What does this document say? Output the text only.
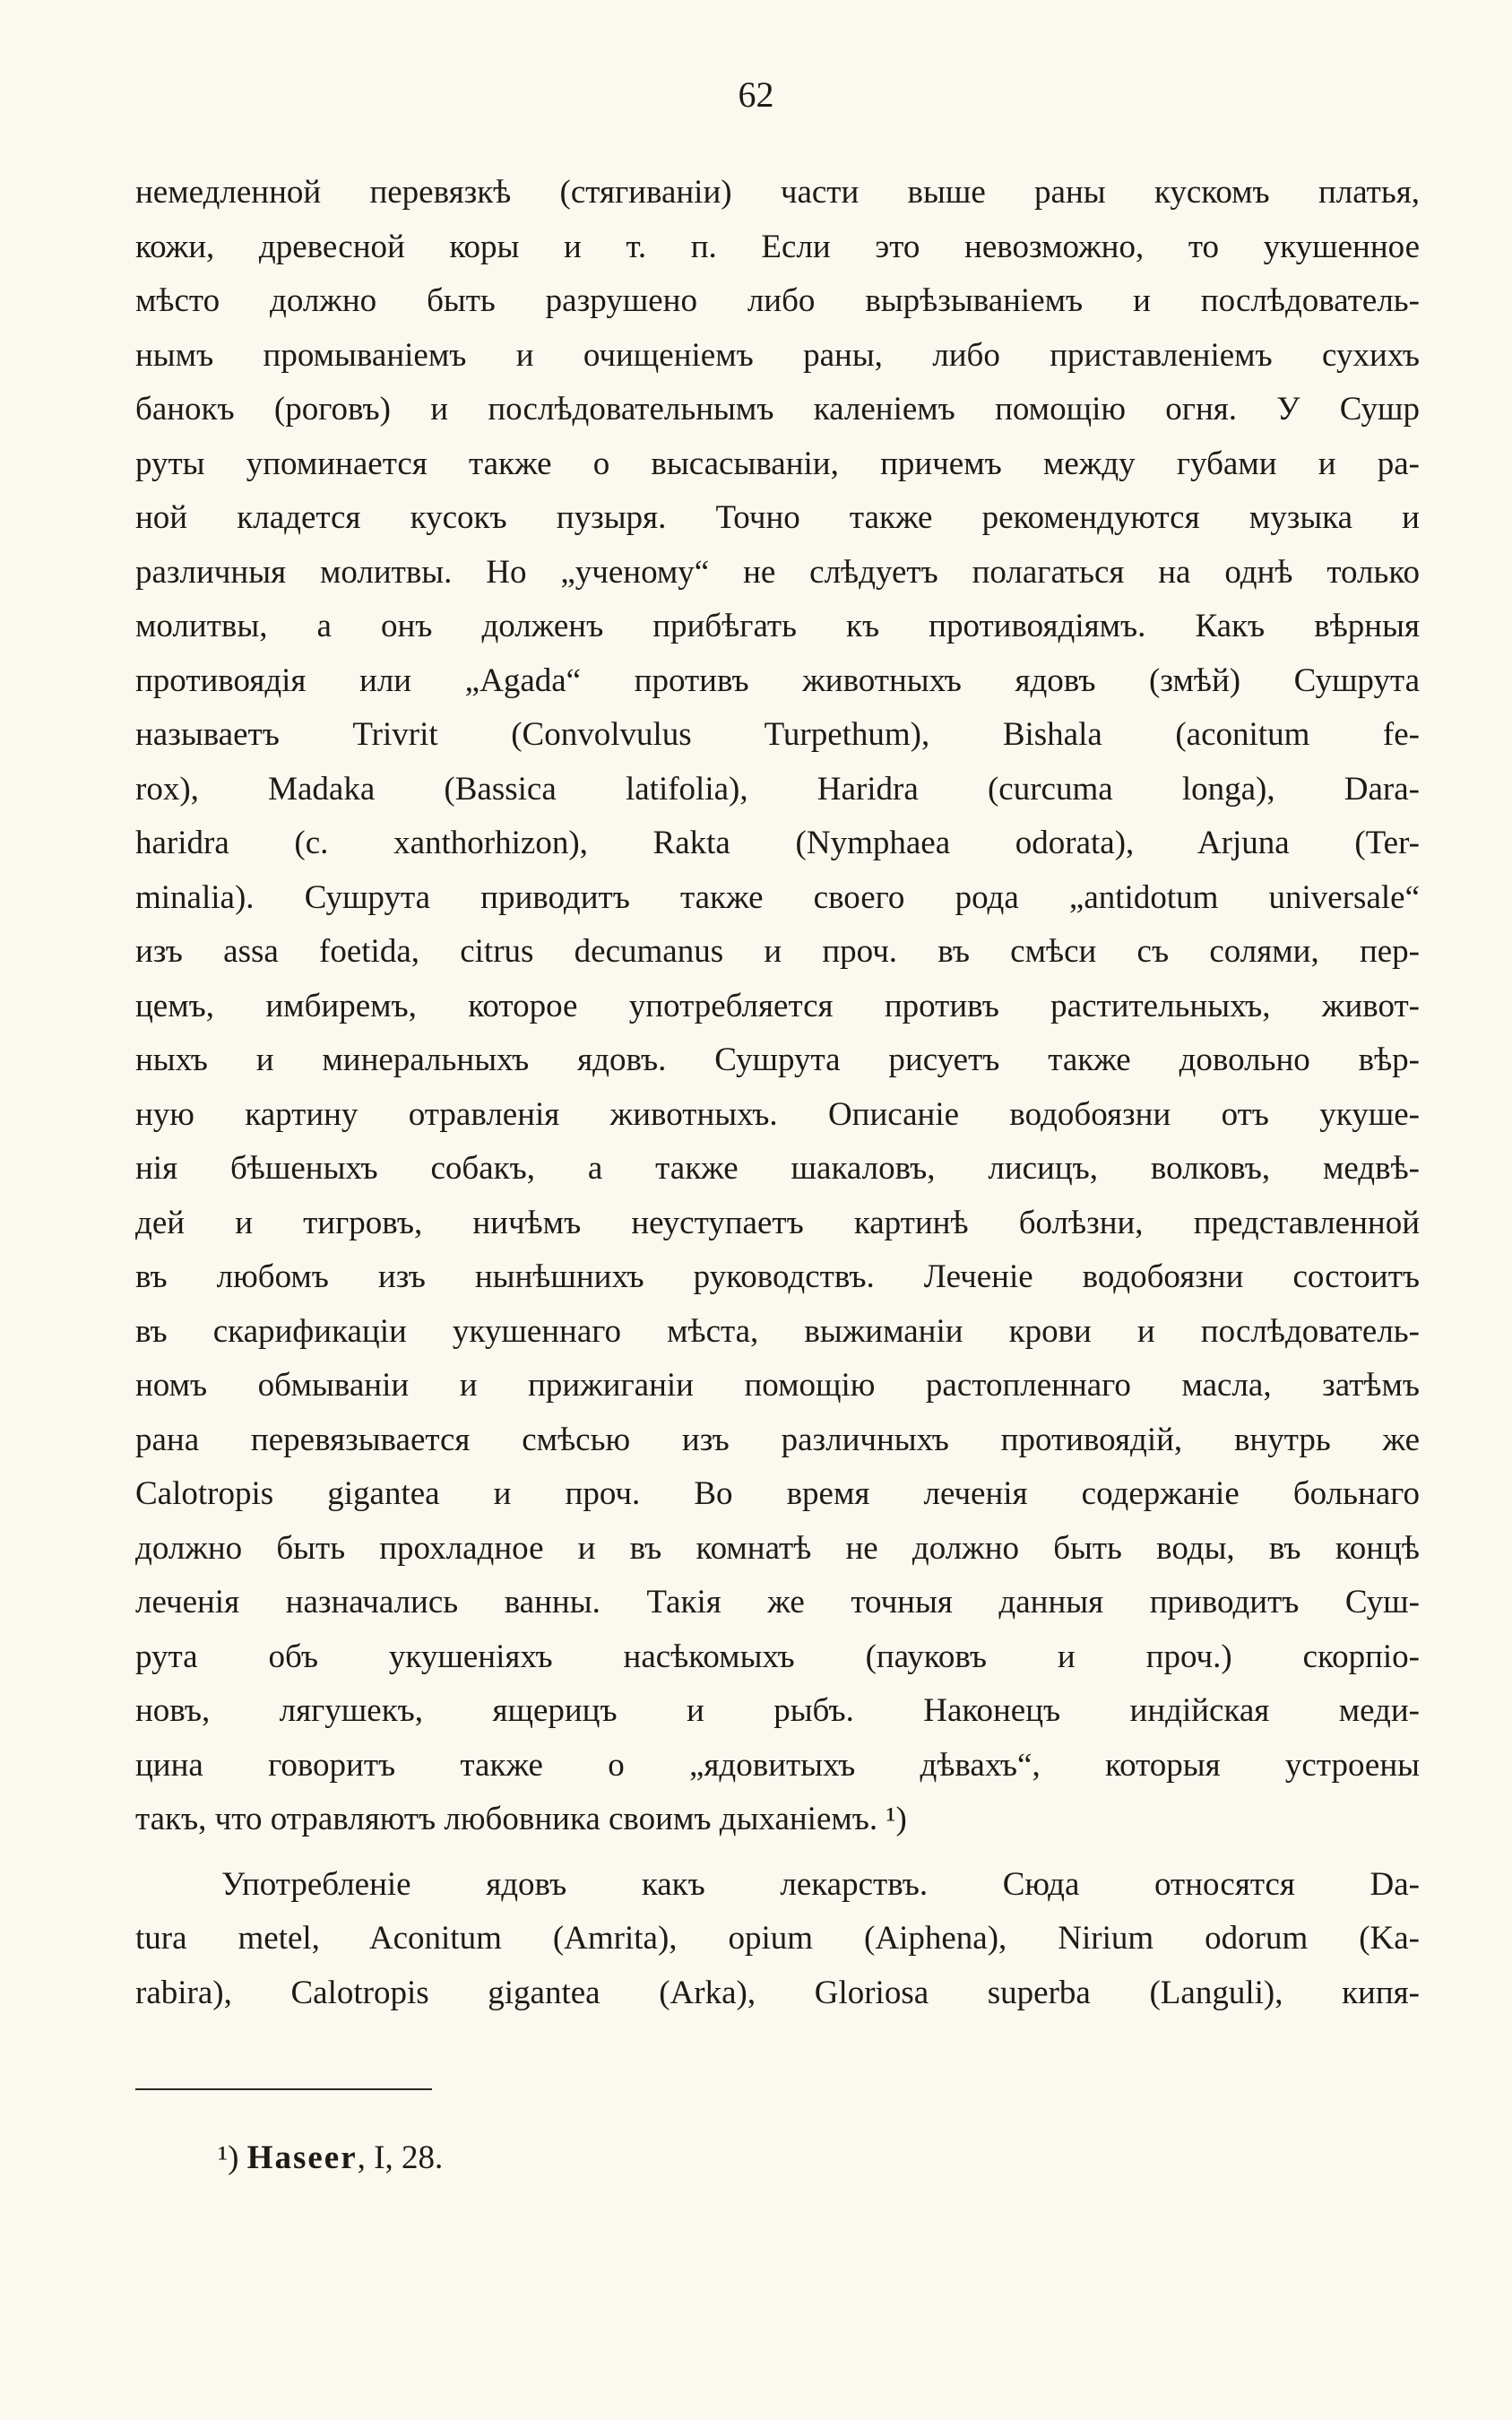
62
немедленной перевязкѣ (стягиваніи) части выше раны кускомъ платья,
кожи, древесной коры и т. п. Если это невозможно, то укушенное
мѣсто должно быть разрушено либо вырѣзываніемъ и послѣдователь-
нымъ промываніемъ и очищеніемъ раны, либо приставленіемъ сухихъ
банокъ (роговъ) и послѣдовательнымъ каленіемъ помощію огня. У Сушр
руты упоминается также о высасываніи, причемъ между губами и ра-
ной кладется кусокъ пузыря. Точно также рекомендуются музыка и
различныя молитвы. Но „ученому“ не слѣдуетъ полагаться на однѣ только
молитвы, а онъ долженъ прибѣгать къ противоядіямъ. Какъ вѣрныя
противоядія или „Agada“ противъ животныхъ ядовъ (змѣй) Сушрута
называетъ Trivrit (Convolvulus Turpethum), Bishala (aconitum fe-
rox), Madaka (Bassica latifolia), Haridra (curcuma longa), Dara-
haridra (c. xanthorhizon), Rakta (Nymphaea odorata), Arjuna (Ter-
minalia). Сушрута приводитъ также своего рода „antidotum universale“
изъ assa foetida, citrus decumanus и проч. въ смѣси съ солями, пер-
цемъ, имбиремъ, которое употребляется противъ растительныхъ, живот-
ныхъ и минеральныхъ ядовъ. Сушрута рисуетъ также довольно вѣр-
ную картину отравленія животныхъ. Описаніе водобоязни отъ укуше-
нія бѣшеныхъ собакъ, а также шакаловъ, лисицъ, волковъ, медвѣ-
дей и тигровъ, ничѣмъ неуступаетъ картинѣ болѣзни, представленной
въ любомъ изъ нынѣшнихъ руководствъ. Леченіе водобоязни состоитъ
въ скарификаціи укушеннаго мѣста, выжиманіи крови и послѣдователь-
номъ обмываніи и прижиганіи помощію растопленнаго масла, затѣмъ
рана перевязывается смѣсью изъ различныхъ противоядій, внутрь же
Calotropis gigantea и проч. Во время леченія содержаніе больнаго
должно быть прохладное и въ комнатѣ не должно быть воды, въ концѣ
леченія назначались ванны. Такія же точныя данныя приводитъ Суш-
рута объ укушеніяхъ насѣкомыхъ (пауковъ и проч.) скорпіо-
новъ, лягушекъ, ящерицъ и рыбъ. Наконецъ индійская меди-
цина говоритъ также о „ядовитыхъ дѣвахъ“, которыя устроены
такъ, что отравляютъ любовника своимъ дыханіемъ. ¹)
Употребленіе ядовъ какъ лекарствъ. Сюда относятся Da-
tura metel, Aconitum (Amrita), opium (Aiphena), Nirium odorum (Ka-
rabira), Calotropis gigantea (Arka), Gloriosa superba (Languli), кипя-
¹) Haseer, I, 28.
